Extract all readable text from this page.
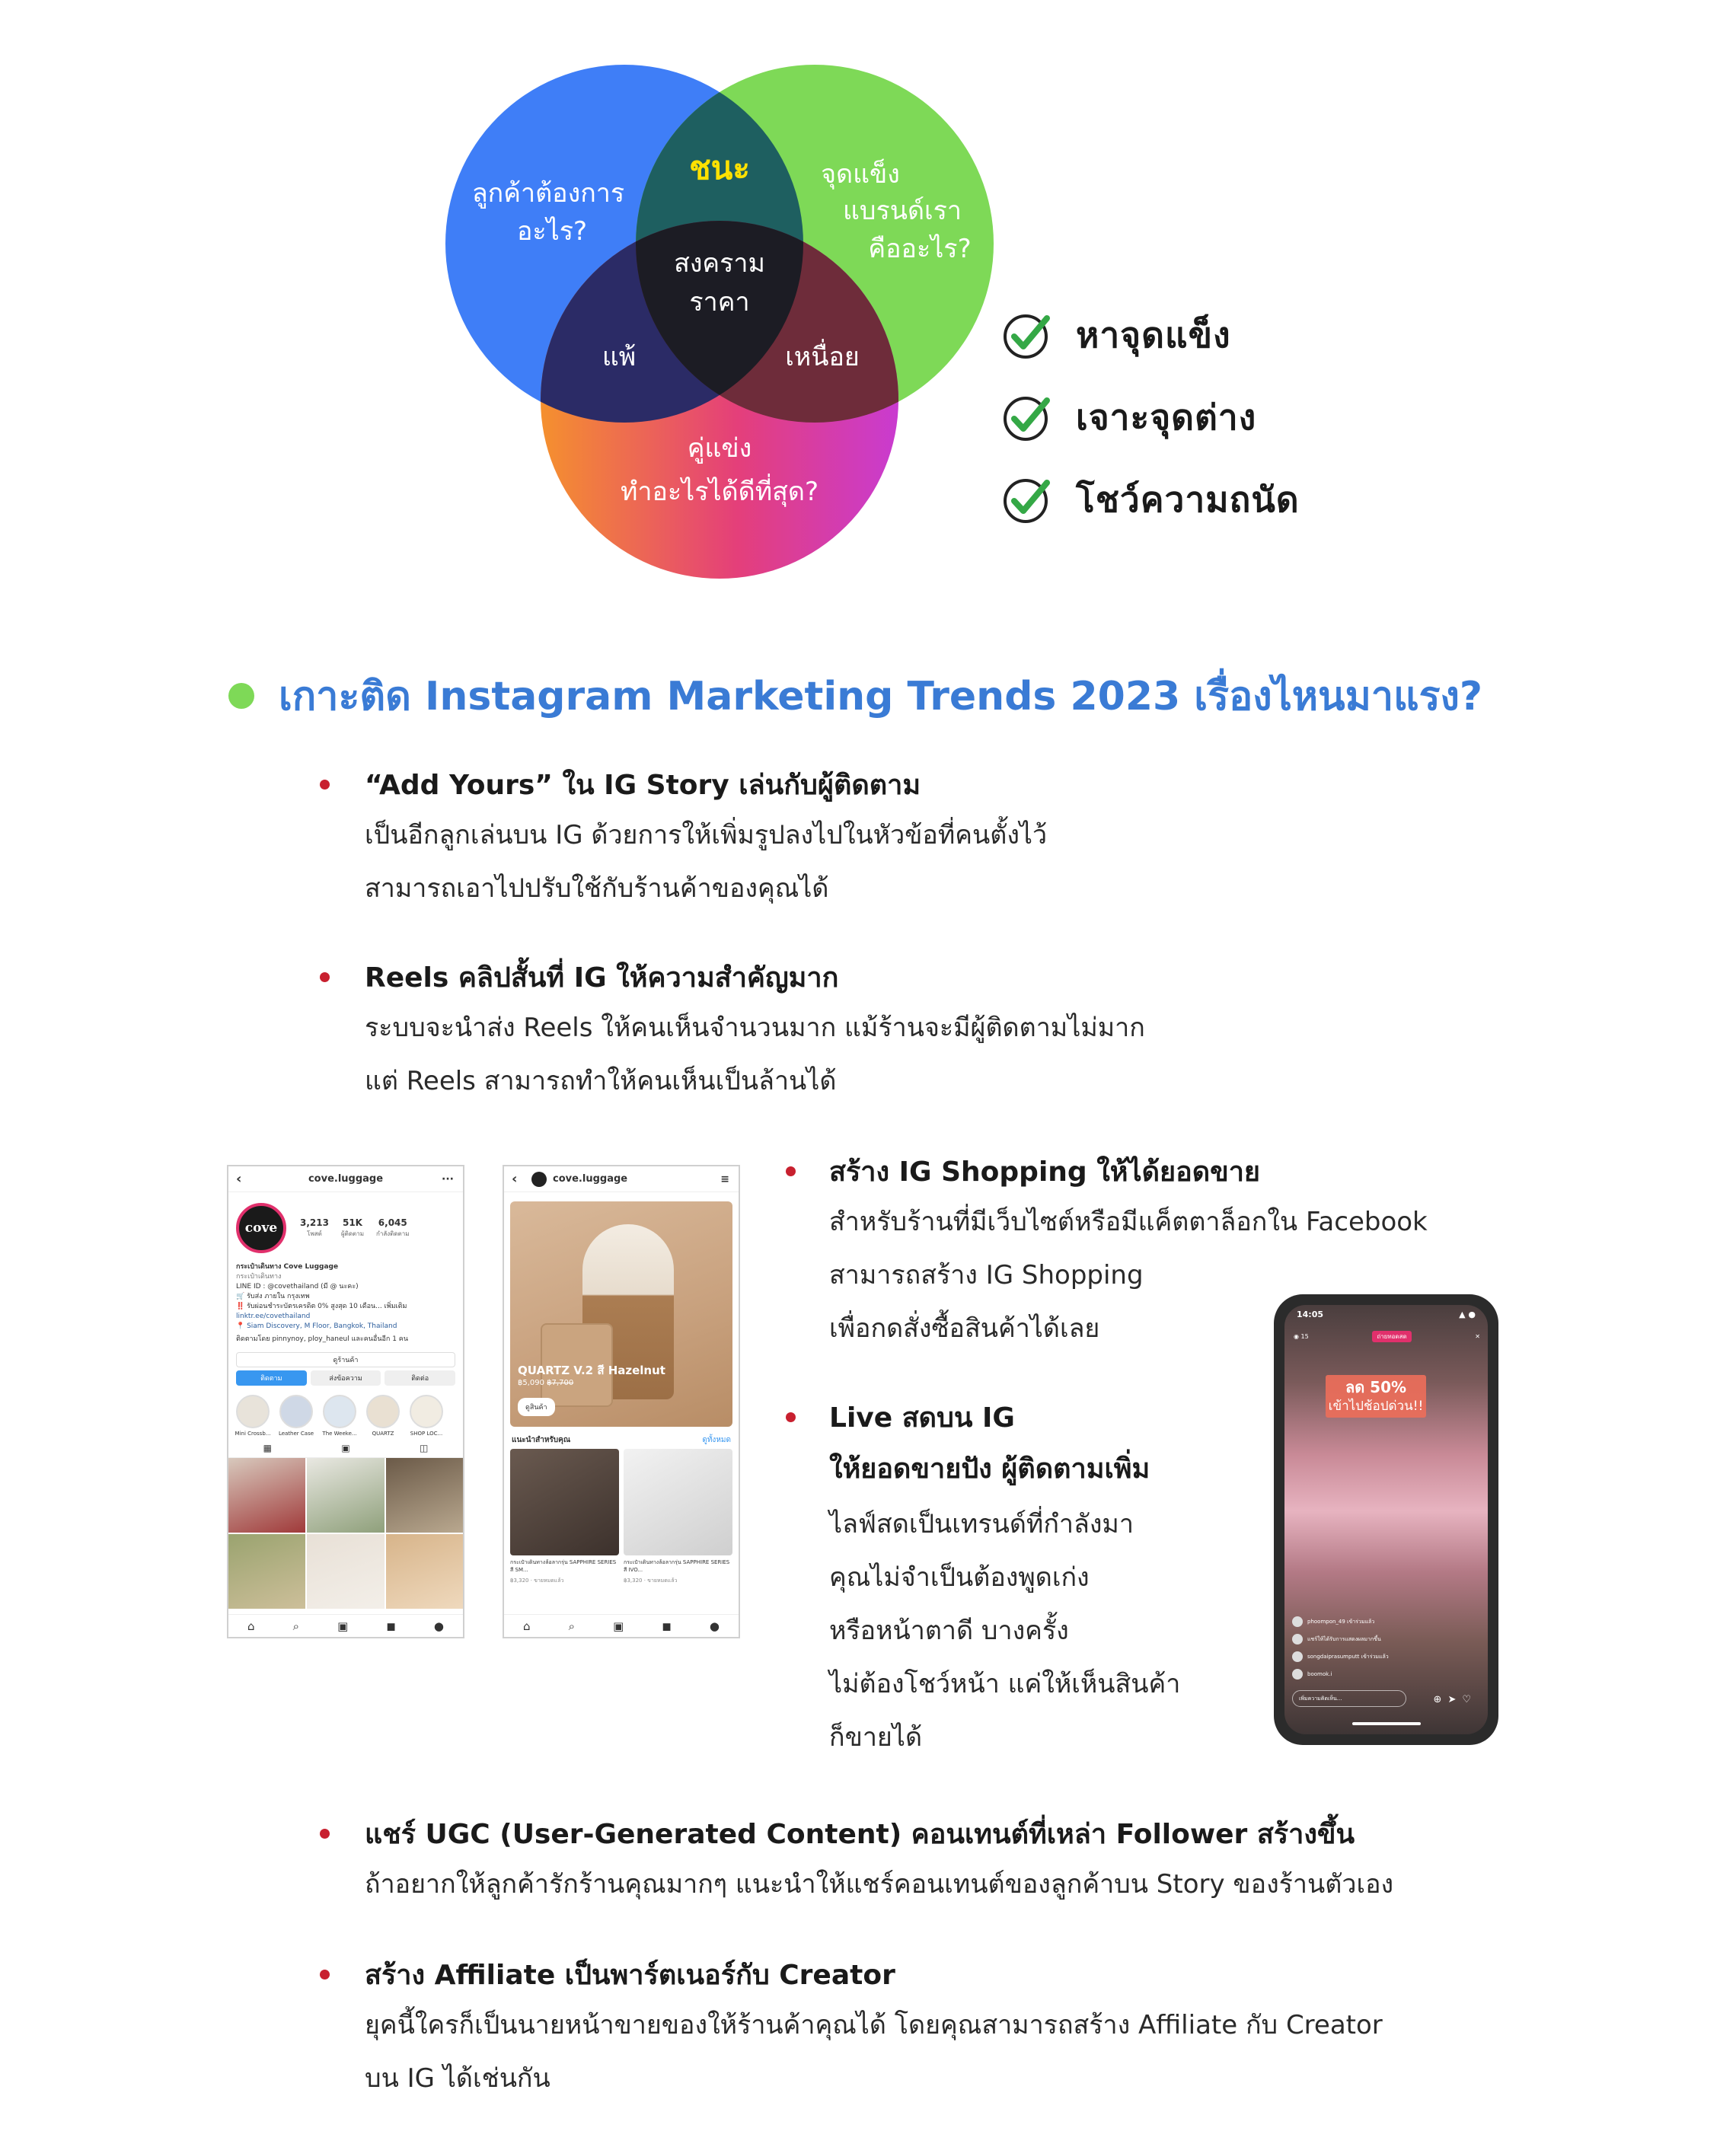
ลูกค้าต้องการ
อะไร?
จุดแข็ง
แบรนด์เรา
คืออะไร?
ชนะ
สงคราม
ราคา
แพ้	เหนื่อย
คู่แข่ง
ทำอะไรได้ดีที่สุด?
หาจุดแข็ง
เจาะจุดต่าง
โชว์ความถนัด
เกาะติด Instagram Marketing Trends 2023 เรื่องไหนมาแรง?
“Add Yours” ใน IG Story เล่นกับผู้ติดตาม
เป็นอีกลูกเล่นบน IG ด้วยการให้เพิ่มรูปลงไปในหัวข้อที่คนตั้งไว้
สามารถเอาไปปรับใช้กับร้านค้าของคุณได้
Reels คลิปสั้นที่ IG ให้ความสำคัญมาก
ระบบจะนำส่ง Reels ให้คนเห็นจำนวนมาก แม้ร้านจะมีผู้ติดตามไม่มาก
แต่ Reels สามารถทำให้คนเห็นเป็นล้านได้
สร้าง IG Shopping ให้ได้ยอดขาย
สำหรับร้านที่มีเว็บไซต์หรือมีแค็ตตาล็อกใน Facebook
สามารถสร้าง IG Shopping
เพื่อกดสั่งซื้อสินค้าได้เลย
Live สดบน IG
ให้ยอดขายปัง ผู้ติดตามเพิ่ม
ไลฟ์สดเป็นเทรนด์ที่กำลังมา
คุณไม่จำเป็นต้องพูดเก่ง
หรือหน้าตาดี บางครั้ง
ไม่ต้องโชว์หน้า แค่ให้เห็นสินค้า
ก็ขายได้
แชร์ UGC (User-Generated Content) คอนเทนต์ที่เหล่า Follower สร้างขึ้น
ถ้าอยากให้ลูกค้ารักร้านคุณมากๆ แนะนำให้แชร์คอนเทนต์ของลูกค้าบน Story ของร้านตัวเอง
สร้าง Affiliate เป็นพาร์ตเนอร์กับ Creator
ยุคนี้ใครก็เป็นนายหน้าขายของให้ร้านค้าคุณได้ โดยคุณสามารถสร้าง Affiliate กับ Creator
บน IG ได้เช่นกัน
‹	cove.luggage	···
cove	3,213
โพสต์
51K
ผู้ติดตาม
6,045
กำลังติดตาม
กระเป๋าเดินทาง Cove Luggage
กระเป๋าเดินทาง
LINE ID : @covethailand (มี @ นะคะ)
🛒 รับส่ง ภายใน กรุงเทพ
‼️ รับผ่อนชำระบัตรเครดิต 0% สูงสุด 10 เดือน... เพิ่มเติม
linktr.ee/covethailand
📍 Siam Discovery, M Floor, Bangkok, Thailand
ติดตามโดย pinnynoy, ploy_haneul และคนอื่นอีก 1 คน
ดูร้านค้า
ติดตาม	ส่งข้อความ	ติดต่อ
Mini Crossb... Leather Case The Weeke...	QUARTZ	SHOP LOC...
▦	▣	◫
⌂	⌕	▣	◼	●
‹	cove.luggage	≡
QUARTZ V.2 สี Hazelnut
฿5,090 ฿7,700
ดูสินค้า
แนะนำสำหรับคุณ	ดูทั้งหมด
กระเป๋าเดินทางล้อลากรุ่น SAPPHIRE SERIES สี SM...
฿3,320 · ขายหมดแล้ว
กระเป๋าเดินทางล้อลากรุ่น SAPPHIRE SERIES สี IVO...
฿3,320 · ขายหมดแล้ว
⌂	⌕	▣	◼	●
14:05	▲ ●
◉ 15	ถ่ายทอดสด	✕
ลด 50%
เข้าไปช้อปด่วน!!
phoompon_49 เข้าร่วมแล้ว
แชร์ให้ได้รับการแสดงผลมากขึ้น
songdaiprasumputt เข้าร่วมแล้ว
boomok.i
เพิ่มความคิดเห็น...	⊕➤♡
